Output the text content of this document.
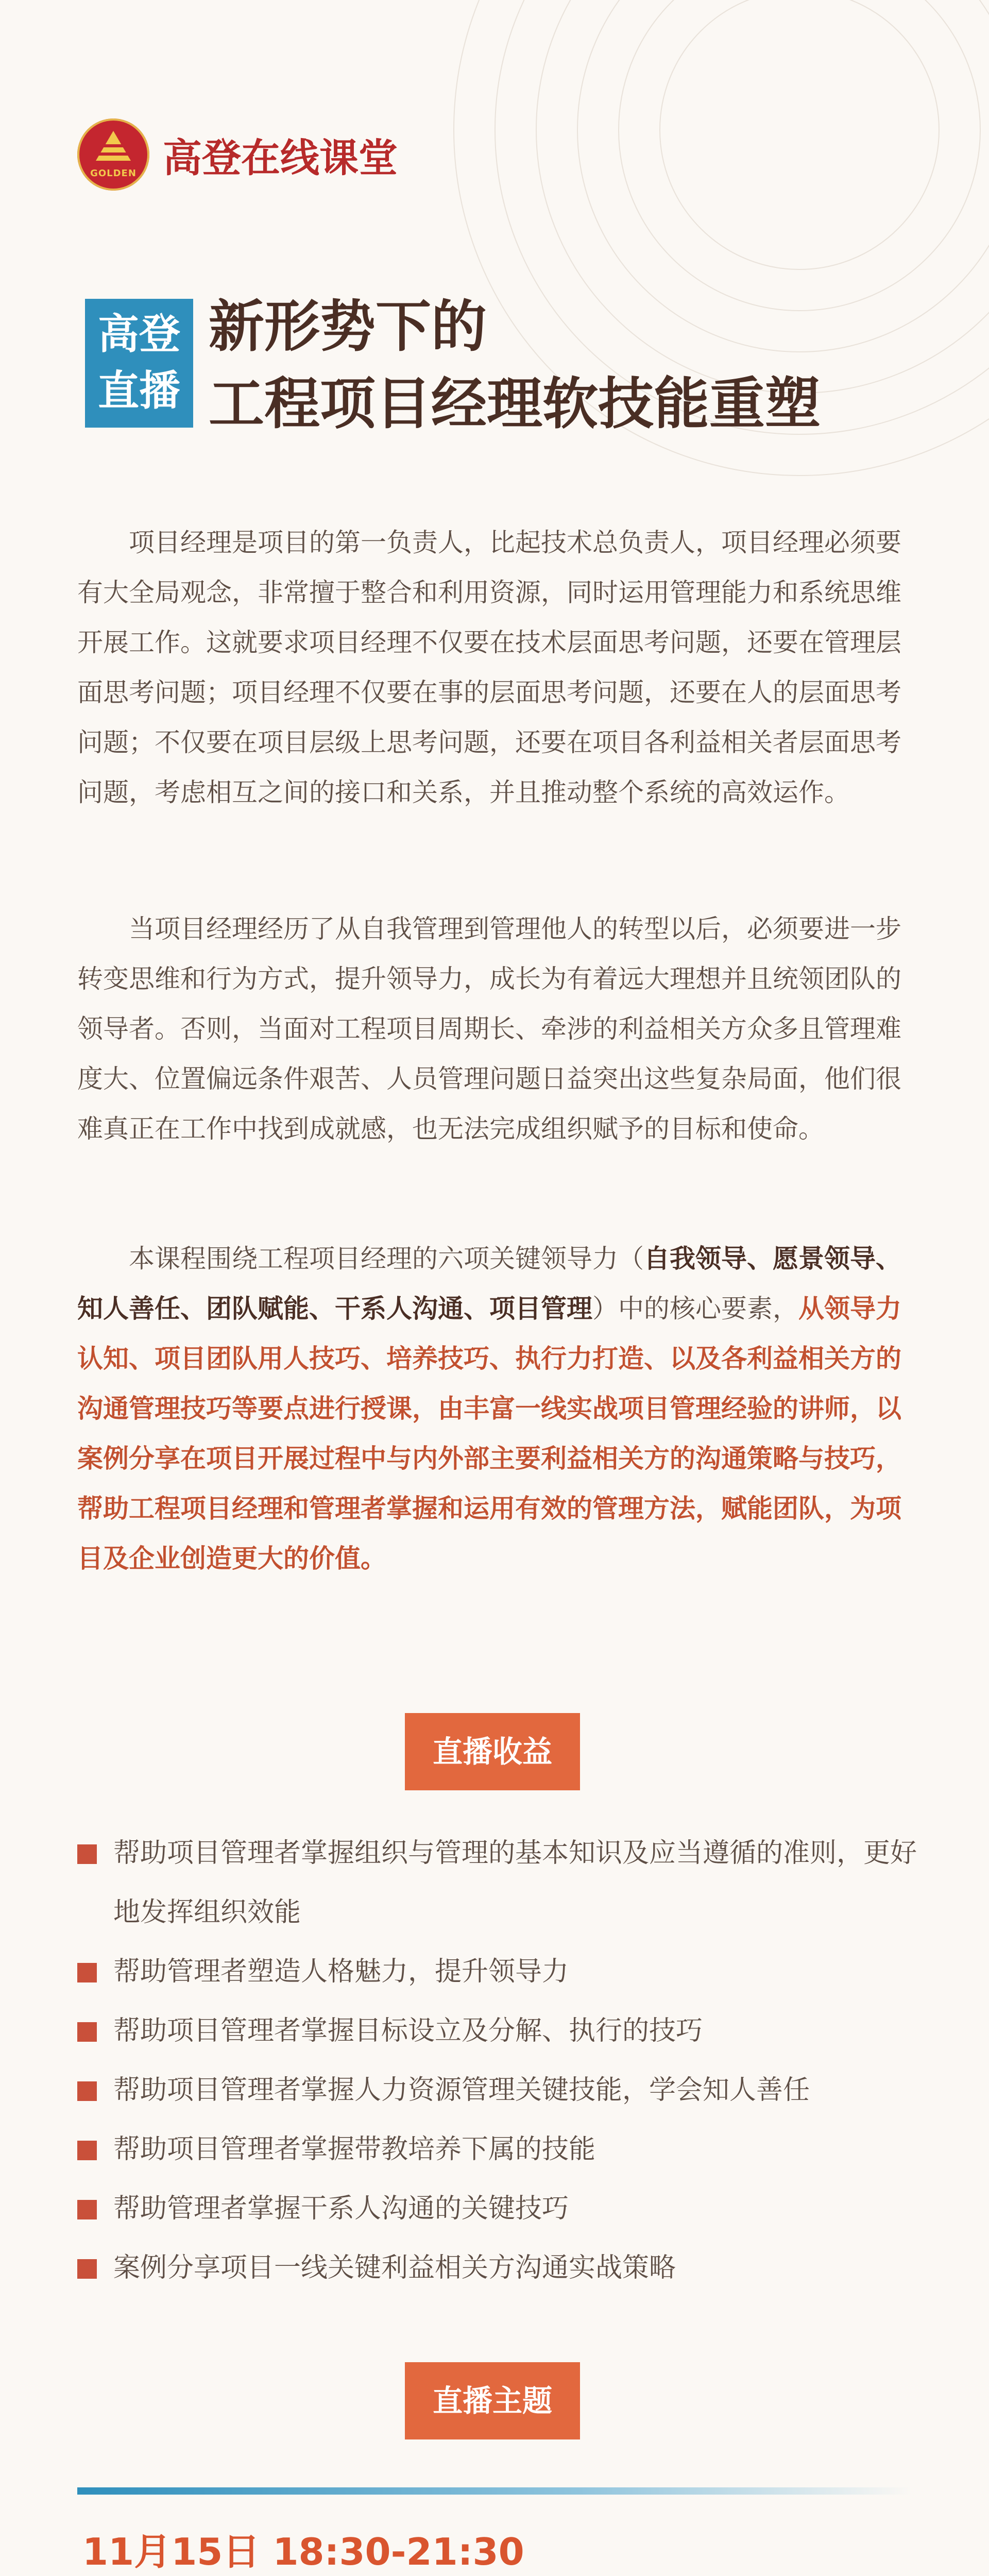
GOLDEN 高登在线课堂
高登
直播
新形势下的
工程项目经理软技能重塑

项目经理是项目的第一负责人，比起技术总负责人，项目经理必须要有大全局观念，非常擅于整合和利用资源，同时运用管理能力和系统思维开展工作。这就要求项目经理不仅要在技术层面思考问题，还要在管理层面思考问题；项目经理不仅要在事的层面思考问题，还要在人的层面思考问题；不仅要在项目层级上思考问题，还要在项目各利益相关者层面思考问题，考虑相互之间的接口和关系，并且推动整个系统的高效运作。

当项目经理经历了从自我管理到管理他人的转型以后，必须要进一步转变思维和行为方式，提升领导力，成长为有着远大理想并且统领团队的领导者。否则，当面对工程项目周期长、牵涉的利益相关方众多且管理难度大、位置偏远条件艰苦、人员管理问题日益突出这些复杂局面，他们很难真正在工作中找到成就感，也无法完成组织赋予的目标和使命。

本课程围绕工程项目经理的六项关键领导力（自我领导、愿景领导、知人善任、团队赋能、干系人沟通、项目管理）中的核心要素，从领导力认知、项目团队用人技巧、培养技巧、执行力打造、以及各利益相关方的沟通管理技巧等要点进行授课，由丰富一线实战项目管理经验的讲师，以案例分享在项目开展过程中与内外部主要利益相关方的沟通策略与技巧，帮助工程项目经理和管理者掌握和运用有效的管理方法，赋能团队，为项目及企业创造更大的价值。

直播收益
帮助项目管理者掌握组织与管理的基本知识及应当遵循的准则，更好地发挥组织效能
帮助管理者塑造人格魅力，提升领导力
帮助项目管理者掌握目标设立及分解、执行的技巧
帮助项目管理者掌握人力资源管理关键技能，学会知人善任
帮助项目管理者掌握带教培养下属的技能
帮助管理者掌握干系人沟通的关键技巧
案例分享项目一线关键利益相关方沟通实战策略
直播主题
11月15日 18:30-21:30
